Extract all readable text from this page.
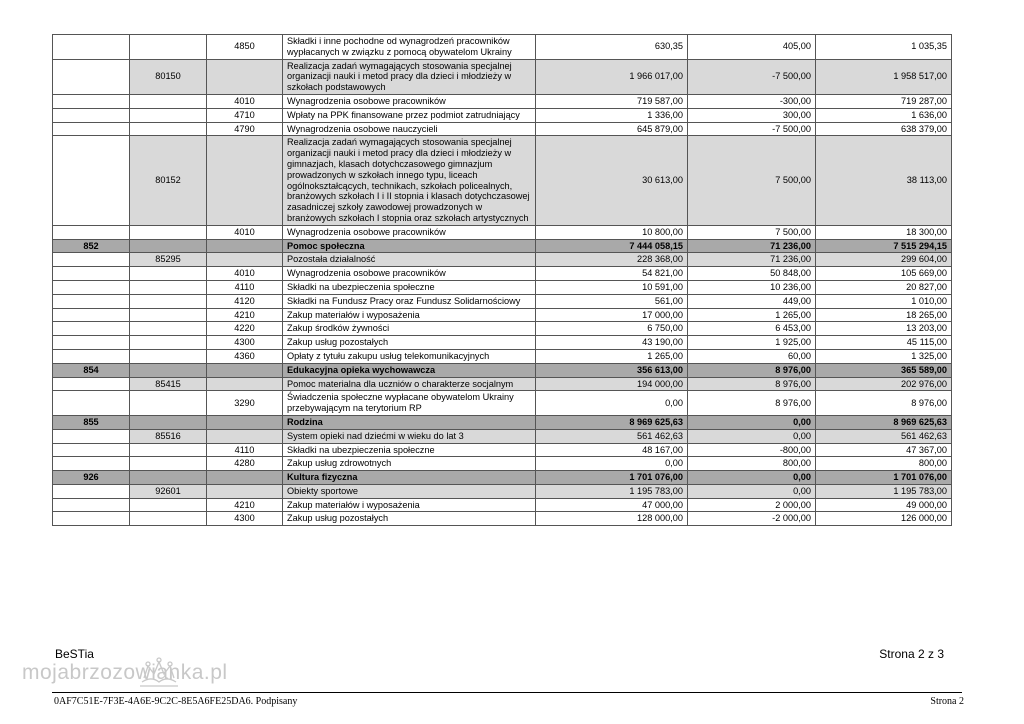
		4850	Składki i inne pochodne od wynagrodzeń pracowników wypłacanych w związku z pomocą obywatelom Ukrainy	630,35	405,00	1 035,35
	80150		Realizacja zadań wymagających stosowania specjalnej organizacji nauki i metod pracy dla dzieci i młodzieży w szkołach podstawowych	1 966 017,00	-7 500,00	1 958 517,00
		4010	Wynagrodzenia osobowe pracowników	719 587,00	-300,00	719 287,00
		4710	Wpłaty na PPK finansowane przez podmiot zatrudniający	1 336,00	300,00	1 636,00
		4790	Wynagrodzenia osobowe nauczycieli	645 879,00	-7 500,00	638 379,00
	80152		Realizacja zadań wymagających stosowania specjalnej organizacji nauki i metod pracy dla dzieci i młodzieży w gimnazjach, klasach dotychczasowego gimnazjum prowadzonych w szkołach innego typu, liceach ogólnokształcących, technikach, szkołach policealnych, branżowych szkołach I i II stopnia i klasach dotychczasowej zasadniczej szkoły zawodowej prowadzonych w branżowych szkołach I stopnia oraz szkołach artystycznych	30 613,00	7 500,00	38 113,00
		4010	Wynagrodzenia osobowe pracowników	10 800,00	7 500,00	18 300,00
852			Pomoc społeczna	7 444 058,15	71 236,00	7 515 294,15
	85295		Pozostała działalność	228 368,00	71 236,00	299 604,00
		4010	Wynagrodzenia osobowe pracowników	54 821,00	50 848,00	105 669,00
		4110	Składki na ubezpieczenia społeczne	10 591,00	10 236,00	20 827,00
		4120	Składki na Fundusz Pracy oraz Fundusz Solidarnościowy	561,00	449,00	1 010,00
		4210	Zakup materiałów i wyposażenia	17 000,00	1 265,00	18 265,00
		4220	Zakup środków żywności	6 750,00	6 453,00	13 203,00
		4300	Zakup usług pozostałych	43 190,00	1 925,00	45 115,00
		4360	Opłaty z tytułu zakupu usług telekomunikacyjnych	1 265,00	60,00	1 325,00
854			Edukacyjna opieka wychowawcza	356 613,00	8 976,00	365 589,00
	85415		Pomoc materialna dla uczniów o charakterze socjalnym	194 000,00	8 976,00	202 976,00
		3290	Świadczenia społeczne wypłacane obywatelom Ukrainy przebywającym na terytorium RP	0,00	8 976,00	8 976,00
855			Rodzina	8 969 625,63	0,00	8 969 625,63
	85516		System opieki nad dziećmi w wieku do lat 3	561 462,63	0,00	561 462,63
		4110	Składki na ubezpieczenia społeczne	48 167,00	-800,00	47 367,00
		4280	Zakup usług zdrowotnych	0,00	800,00	800,00
926			Kultura fizyczna	1 701 076,00	0,00	1 701 076,00
	92601		Obiekty sportowe	1 195 783,00	0,00	1 195 783,00
		4210	Zakup materiałów i wyposażenia	47 000,00	2 000,00	49 000,00
		4300	Zakup usług pozostałych	128 000,00	-2 000,00	126 000,00
BeSTia	Strona 2 z 3
mojabrzozowianka.pl
0AF7C51E-7F3E-4A6E-9C2C-8E5A6FE25DA6. Podpisany	Strona 2
